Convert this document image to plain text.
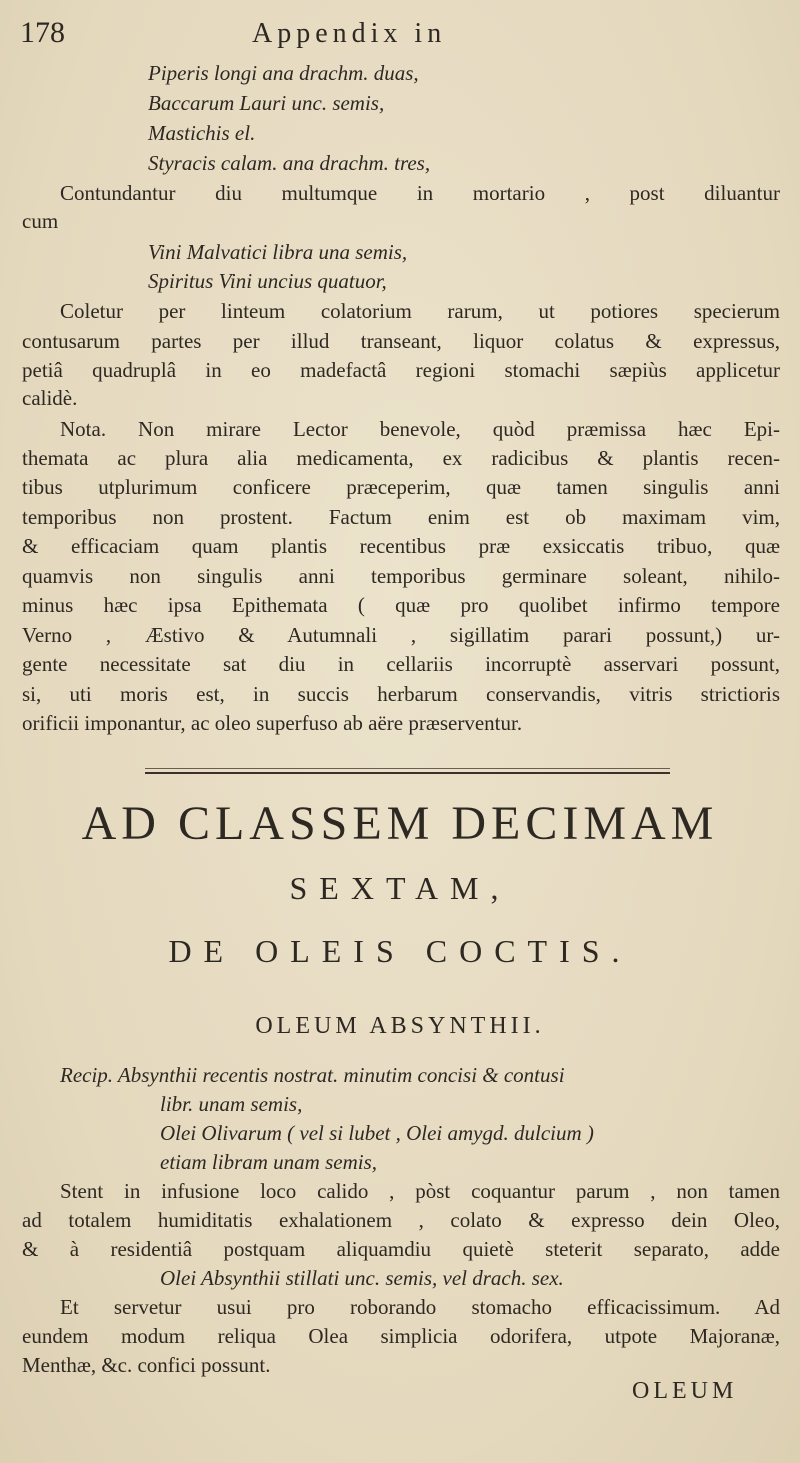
178	Appendix in
Piperis longi ana drachm. duas,
Baccarum Lauri unc. semis,
Mastichis el.
Styracis calam. ana drachm. tres,
Contundantur diu multumque in mortario , post diluantur
cum
Vini Malvatici libra una semis,
Spiritus Vini uncius quatuor,
Coletur per linteum colatorium rarum, ut potiores specierum
contusarum partes per illud transeant, liquor colatus & expressus,
petiâ quadruplâ in eo madefactâ regioni stomachi sæpiùs applicetur
calidè.
Nota. Non mirare Lector benevole, quòd præmissa hæc Epi-
themata ac plura alia medicamenta, ex radicibus & plantis recen-
tibus utplurimum conficere præceperim, quæ tamen singulis anni
temporibus non prostent. Factum enim est ob maximam vim,
& efficaciam quam plantis recentibus præ exsiccatis tribuo, quæ
quamvis non singulis anni temporibus germinare soleant, nihilo-
minus hæc ipsa Epithemata ( quæ pro quolibet infirmo tempore
Verno , Æstivo & Autumnali , sigillatim parari possunt,) ur-
gente necessitate sat diu in cellariis incorruptè asservari possunt,
si, uti moris est, in succis herbarum conservandis, vitris strictioris
orificii imponantur, ac oleo superfuso ab aëre præserventur.
AD CLASSEM DECIMAM
SEXTAM,
DE OLEIS COCTIS.
OLEUM ABSYNTHII.
Recip. Absynthii recentis nostrat. minutim concisi & contusi
libr. unam semis,
Olei Olivarum ( vel si lubet , Olei amygd. dulcium )
etiam libram unam semis,
Stent in infusione loco calido , pòst coquantur parum , non tamen
ad totalem humiditatis exhalationem , colato & expresso dein Oleo,
& à residentiâ postquam aliquamdiu quietè steterit separato, adde
Olei Absynthii stillati unc. semis, vel drach. sex.
Et servetur usui pro roborando stomacho efficacissimum. Ad
eundem modum reliqua Olea simplicia odorifera, utpote Majoranæ,
Menthæ, &c. confici possunt.
OLEUM
